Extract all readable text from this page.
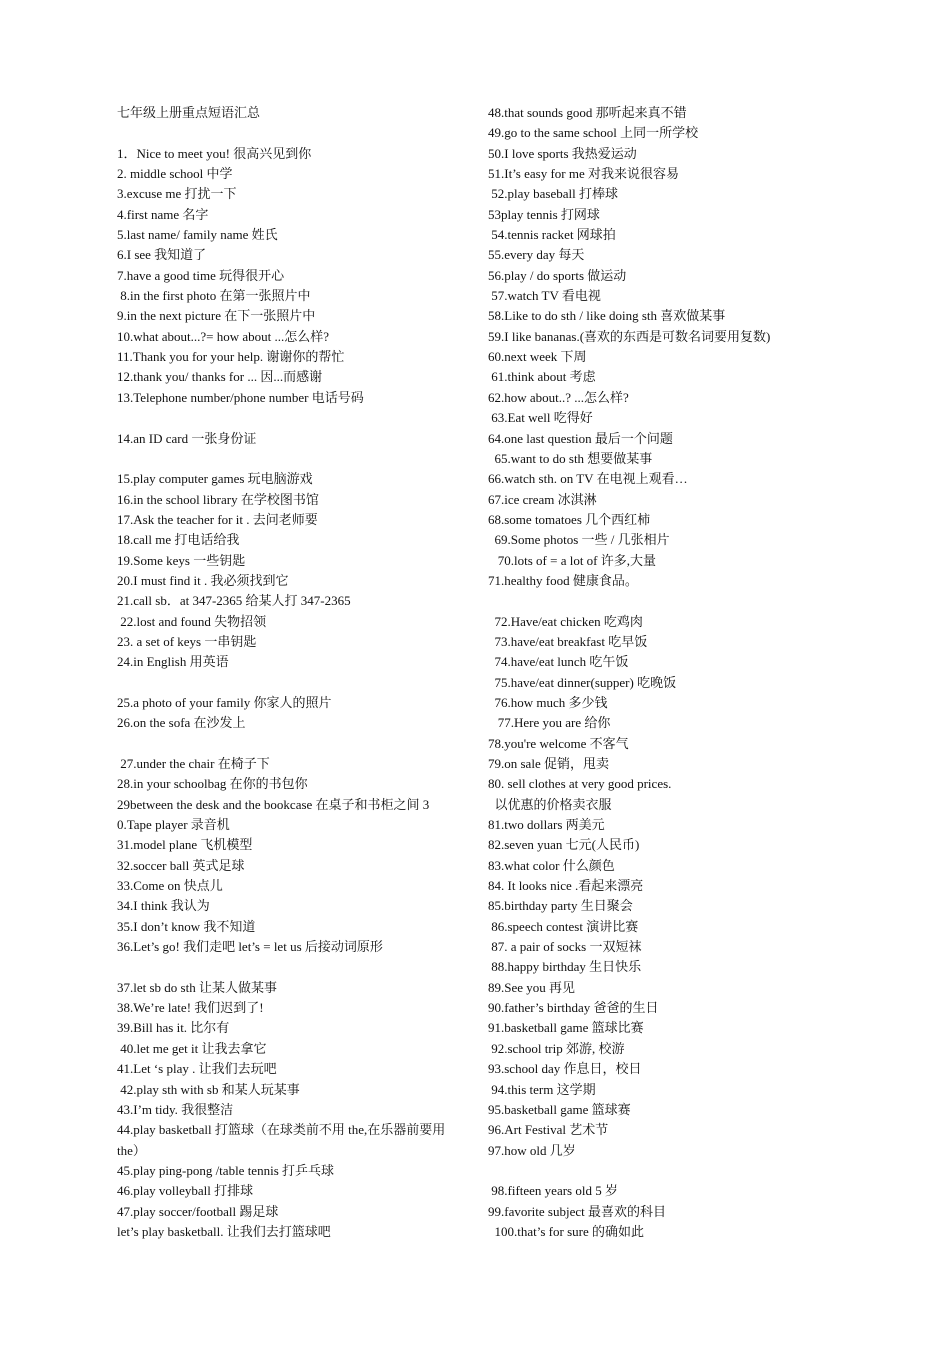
七年级上册重点短语汇总
1．Nice to meet you! 很高兴见到你
2. middle school 中学
3.excuse me 打扰一下
4.first name 名字
5.last name/ family name 姓氏
6.I see 我知道了
7.have a good time 玩得很开心
8.in the first photo 在第一张照片中
9.in the next picture 在下一张照片中
10.what about...?= how about ...怎么样?
11.Thank you for your help. 谢谢你的帮忙
12.thank you/ thanks for ... 因...而感谢
13.Telephone number/phone number 电话号码
14.an ID card 一张身份证
15.play computer games 玩电脑游戏
16.in the school library 在学校图书馆
17.Ask the teacher for it . 去问老师要
18.call me 打电话给我
19.Some keys 一些钥匙
20.I must find it . 我必须找到它
21.call sb．at 347-2365 给某人打 347-2365
22.lost and found 失物招领
23. a set of keys 一串钥匙
24.in English 用英语
25.a photo of your family 你家人的照片
26.on the sofa 在沙发上
27.under the chair 在椅子下
28.in your schoolbag 在你的书包你
29between the desk and the bookcase 在桌子和书柜之间 3
0.Tape player 录音机
31.model plane 飞机模型
32.soccer ball 英式足球
33.Come on 快点儿
34.I think 我认为
35.I don’t know 我不知道
36.Let’s go! 我们走吧 let’s = let us 后接动词原形
37.let sb do sth 让某人做某事
38.We’re late! 我们迟到了!
39.Bill has it. 比尔有
40.let me get it 让我去拿它
41.Let ‘s play . 让我们去玩吧
42.play sth with sb 和某人玩某事
43.I’m tidy. 我很整洁
44.play basketball 打篮球（在球类前不用 the,在乐器前要用
the）
45.play ping-pong /table tennis 打乒乓球
46.play volleyball 打排球
47.play soccer/football 踢足球
let’s play basketball. 让我们去打篮球吧
48.that sounds good 那听起来真不错
49.go to the same school 上同一所学校
50.I love sports 我热爱运动
51.It’s easy for me 对我来说很容易
52.play baseball 打棒球
53play tennis 打网球
54.tennis racket 网球拍
55.every day 每天
56.play / do sports 做运动
57.watch TV 看电视
58.Like to do sth / like doing sth 喜欢做某事
59.I like bananas.(喜欢的东西是可数名词要用复数)
60.next week 下周
61.think about 考虑
62.how about..? ...怎么样?
63.Eat well 吃得好
64.one last question 最后一个问题
65.want to do sth 想要做某事
66.watch sth. on TV 在电视上观看…
67.ice cream 冰淇淋
68.some tomatoes 几个西红柿
69.Some photos 一些 / 几张相片
70.lots of = a lot of 许多,大量
71.healthy food 健康食品。
72.Have/eat chicken 吃鸡肉
73.have/eat breakfast 吃早饭
74.have/eat lunch 吃午饭
75.have/eat dinner(supper) 吃晚饭
76.how much 多少钱
77.Here you are 给你
78.you're welcome 不客气
79.on sale 促销，甩卖
80. sell clothes at very good prices.
以优惠的价格卖衣服
81.two dollars 两美元
82.seven yuan 七元(人民币)
83.what color 什么颜色
84. It looks nice .看起来漂亮
85.birthday party 生日聚会
86.speech contest 演讲比赛
87. a pair of socks 一双短袜
88.happy birthday 生日快乐
89.See you 再见
90.father’s birthday 爸爸的生日
91.basketball game 篮球比赛
92.school trip 郊游, 校游
93.school day 作息日，校日
94.this term 这学期
95.basketball game 篮球赛
96.Art Festival 艺术节
97.how old 几岁
98.fifteen years old 5 岁
99.favorite subject 最喜欢的科目
100.that’s for sure 的确如此
